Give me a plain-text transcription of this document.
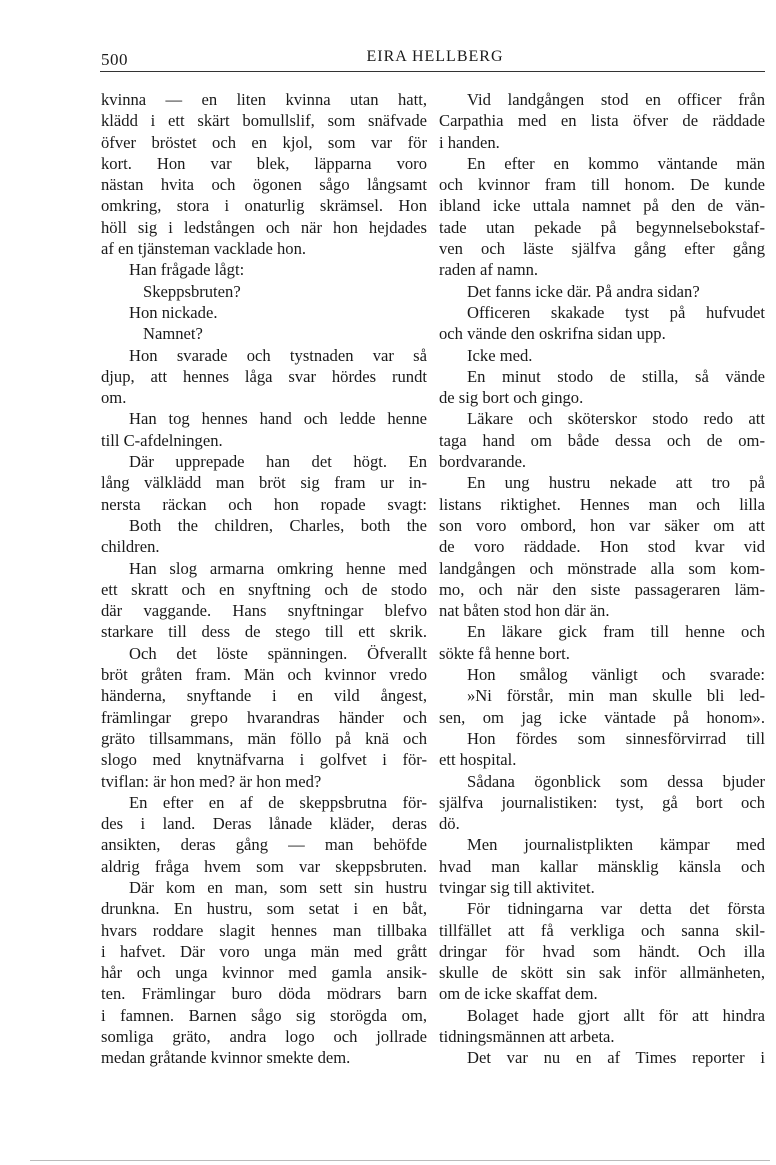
500	EIRA HELLBERG
kvinna — en liten kvinna utan hatt,
klädd i ett skärt bomullslif, som snäfvade
öfver bröstet och en kjol, som var för
kort. Hon var blek, läpparna voro
nästan hvita och ögonen sågo långsamt
omkring, stora i onaturlig skrämsel. Hon
höll sig i ledstången och när hon hejdades
af en tjänsteman vacklade hon.
Han frågade lågt:
Skeppsbruten?
Hon nickade.
Namnet?
Hon svarade och tystnaden var så
djup, att hennes låga svar hördes rundt
om.
Han tog hennes hand och ledde henne
till C-afdelningen.
Där upprepade han det högt. En
lång välklädd man bröt sig fram ur in-
nersta räckan och hon ropade svagt:
Both the children, Charles, both the
children.
Han slog armarna omkring henne med
ett skratt och en snyftning och de stodo
där vaggande. Hans snyftningar blefvo
starkare till dess de stego till ett skrik.
Och det löste spänningen. Öfverallt
bröt gråten fram. Män och kvinnor vredo
händerna, snyftande i en vild ångest,
främlingar grepo hvarandras händer och
gräto tillsammans, män föllo på knä och
slogo med knytnäfvarna i golfvet i för-
tviflan: är hon med? är hon med?
En efter en af de skeppsbrutna för-
des i land. Deras lånade kläder, deras
ansikten, deras gång — man behöfde
aldrig fråga hvem som var skeppsbruten.
Där kom en man, som sett sin hustru
drunkna. En hustru, som setat i en båt,
hvars roddare slagit hennes man tillbaka
i hafvet. Där voro unga män med grått
hår och unga kvinnor med gamla ansik-
ten. Främlingar buro döda mödrars barn
i famnen. Barnen sågo sig storögda om,
somliga gräto, andra logo och jollrade
medan gråtande kvinnor smekte dem.
Vid landgången stod en officer från
Carpathia med en lista öfver de räddade
i handen.
En efter en kommo väntande män
och kvinnor fram till honom. De kunde
ibland icke uttala namnet på den de vän-
tade utan pekade på begynnelsebokstaf-
ven och läste själfva gång efter gång
raden af namn.
Det fanns icke där. På andra sidan?
Officeren skakade tyst på hufvudet
och vände den oskrifna sidan upp.
Icke med.
En minut stodo de stilla, så vände
de sig bort och gingo.
Läkare och sköterskor stodo redo att
taga hand om både dessa och de om-
bordvarande.
En ung hustru nekade att tro på
listans riktighet. Hennes man och lilla
son voro ombord, hon var säker om att
de voro räddade. Hon stod kvar vid
landgången och mönstrade alla som kom-
mo, och när den siste passageraren läm-
nat båten stod hon där än.
En läkare gick fram till henne och
sökte få henne bort.
Hon smålog vänligt och svarade:
»Ni förstår, min man skulle bli led-
sen, om jag icke väntade på honom».
Hon fördes som sinnesförvirrad till
ett hospital.
Sådana ögonblick som dessa bjuder
själfva journalistiken: tyst, gå bort och
dö.
Men journalistplikten kämpar med
hvad man kallar mänsklig känsla och
tvingar sig till aktivitet.
För tidningarna var detta det första
tillfället att få verkliga och sanna skil-
dringar för hvad som händt. Och illa
skulle de skött sin sak inför allmänheten,
om de icke skaffat dem.
Bolaget hade gjort allt för att hindra
tidningsmännen att arbeta.
Det var nu en af Times reporter i
